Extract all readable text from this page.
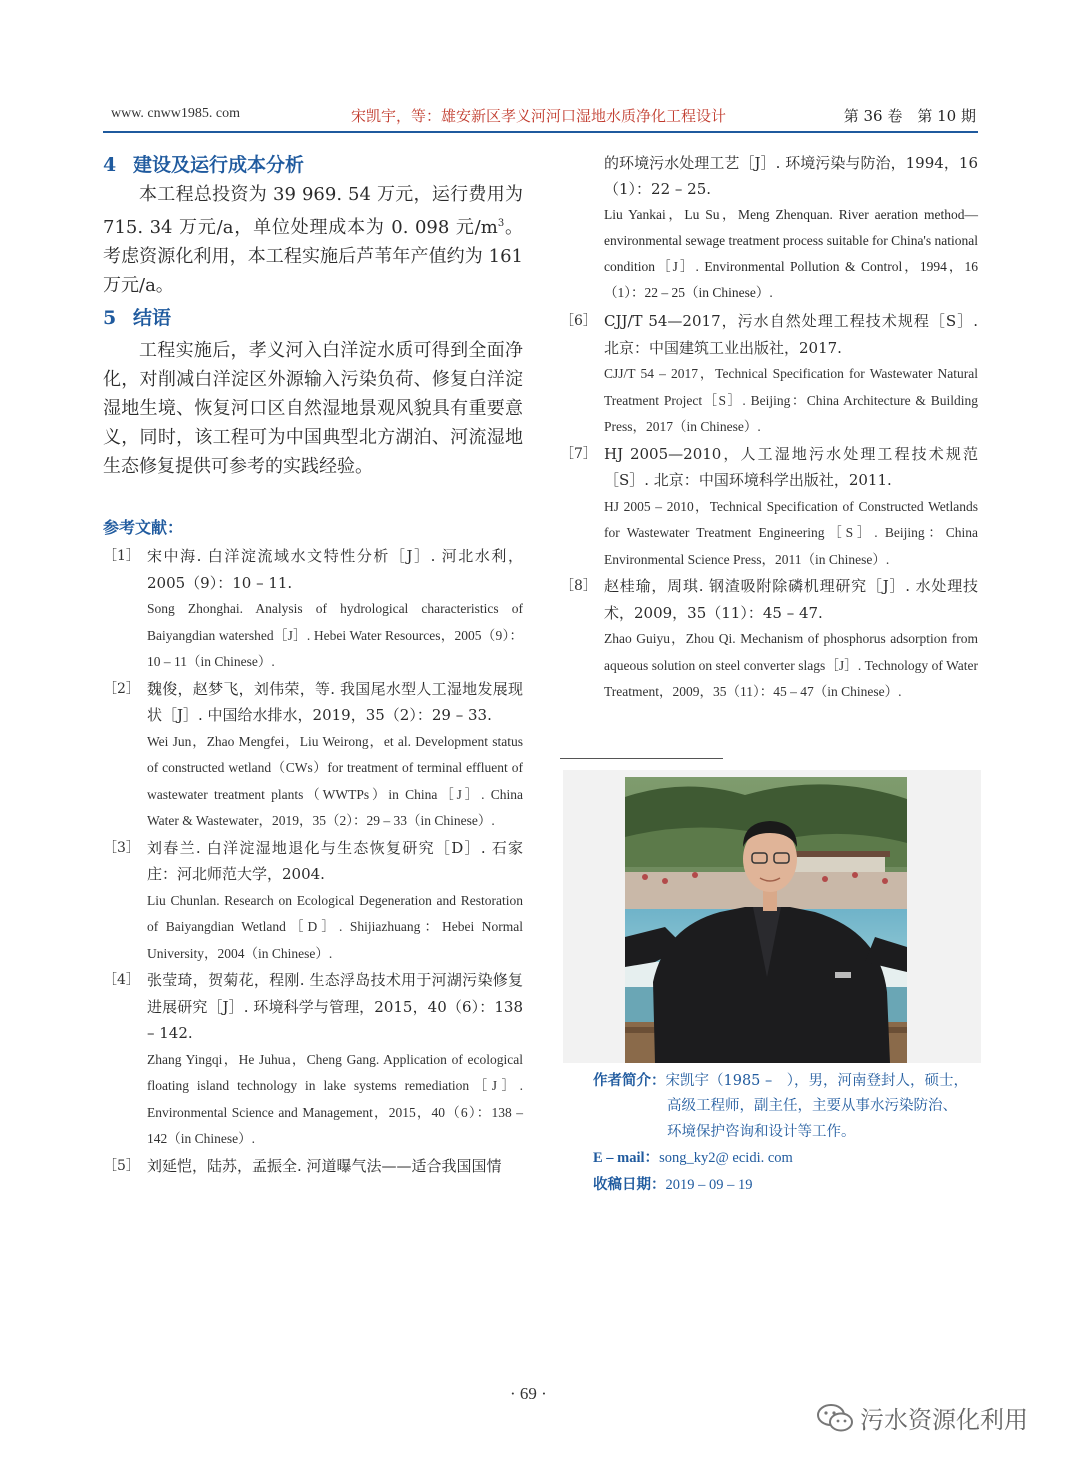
www. cnww1985. com	宋凯宇，等：雄安新区孝义河河口湿地水质净化工程设计	第 36 卷　第 10 期
4 建设及运行成本分析

本工程总投资为 39 969. 54 万元，运行费用为 715. 34 万元/a，单位处理成本为 0. 098 元$/m^3$。考虑资源化利用，本工程实施后芦苇年产值约为 161 万元/a。

5 结语

工程实施后，孝义河入白洋淀水质可得到全面净化，对削减白洋淀区外源输入污染负荷、修复白洋淀湿地生境、恢复河口区自然湿地景观风貌具有重要意义，同时，该工程可为中国典型北方湖泊、河流湿地生态修复提供可参考的实践经验。

参考文献：
［1］ 宋中海. 白洋淀流域水文特性分析［J］. 河北水利，2005（9）：10 – 11.
Song Zhonghai. Analysis of hydrological characteristics of Baiyangdian watershed［J］. Hebei Water Resources，2005（9）：10 – 11（in Chinese）.
［2］ 魏俊，赵梦飞，刘伟荣，等. 我国尾水型人工湿地发展现状［J］. 中国给水排水，2019，35（2）：29 – 33.
Wei Jun，Zhao Mengfei，Liu Weirong，et al. Development status of constructed wetland（CWs）for treatment of terminal effluent of wastewater treatment plants（WWTPs）in China［J］. China Water & Wastewater，2019，35（2）：29 – 33（in Chinese）.
［3］ 刘春兰. 白洋淀湿地退化与生态恢复研究［D］. 石家庄：河北师范大学，2004.
Liu Chunlan. Research on Ecological Degeneration and Restoration of Baiyangdian Wetland［D］. Shijiazhuang：Hebei Normal University，2004（in Chinese）.
［4］ 张莹琦，贺菊花，程刚. 生态浮岛技术用于河湖污染修复进展研究［J］. 环境科学与管理，2015，40（6）：138 – 142.
Zhang Yingqi，He Juhua，Cheng Gang. Application of ecological floating island technology in lake systems remediation［J］. Environmental Science and Management，2015，40（6）：138 – 142（in Chinese）.
［5］ 刘延恺，陆苏，孟振全. 河道曝气法——适合我国国情
的环境污水处理工艺［J］. 环境污染与防治，1994，16（1）：22 – 25.
Liu Yankai，Lu Su，Meng Zhenquan. River aeration method—environmental sewage treatment process suitable for China's national condition［J］. Environmental Pollution & Control，1994，16（1）：22 – 25（in Chinese）.
［6］ CJJ/T 54—2017，污水自然处理工程技术规程［S］. 北京：中国建筑工业出版社，2017.
CJJ/T 54 – 2017，Technical Specification for Wastewater Natural Treatment Project［S］. Beijing：China Architecture & Building Press，2017（in Chinese）.
［7］ HJ 2005—2010，人工湿地污水处理工程技术规范［S］. 北京：中国环境科学出版社，2011.
HJ 2005 – 2010，Technical Specification of Constructed Wetlands for Wastewater Treatment Engineering［S］. Beijing：China Environmental Science Press，2011（in Chinese）.
［8］ 赵桂瑜，周琪. 钢渣吸附除磷机理研究［J］. 水处理技术，2009，35（11）：45 – 47.
Zhao Guiyu，Zhou Qi. Mechanism of phosphorus adsorption from aqueous solution on steel converter slags［J］. Technology of Water Treatment，2009，35（11）：45 – 47（in Chinese）.
作者简介：宋凯宇（1985 –　），男，河南登封人，硕士，
高级工程师，副主任，主要从事水污染防治、
环境保护咨询和设计等工作。
E – mail：song_ky2@ ecidi. com
收稿日期：2019 – 09 – 19
· 69 ·
污水资源化利用
